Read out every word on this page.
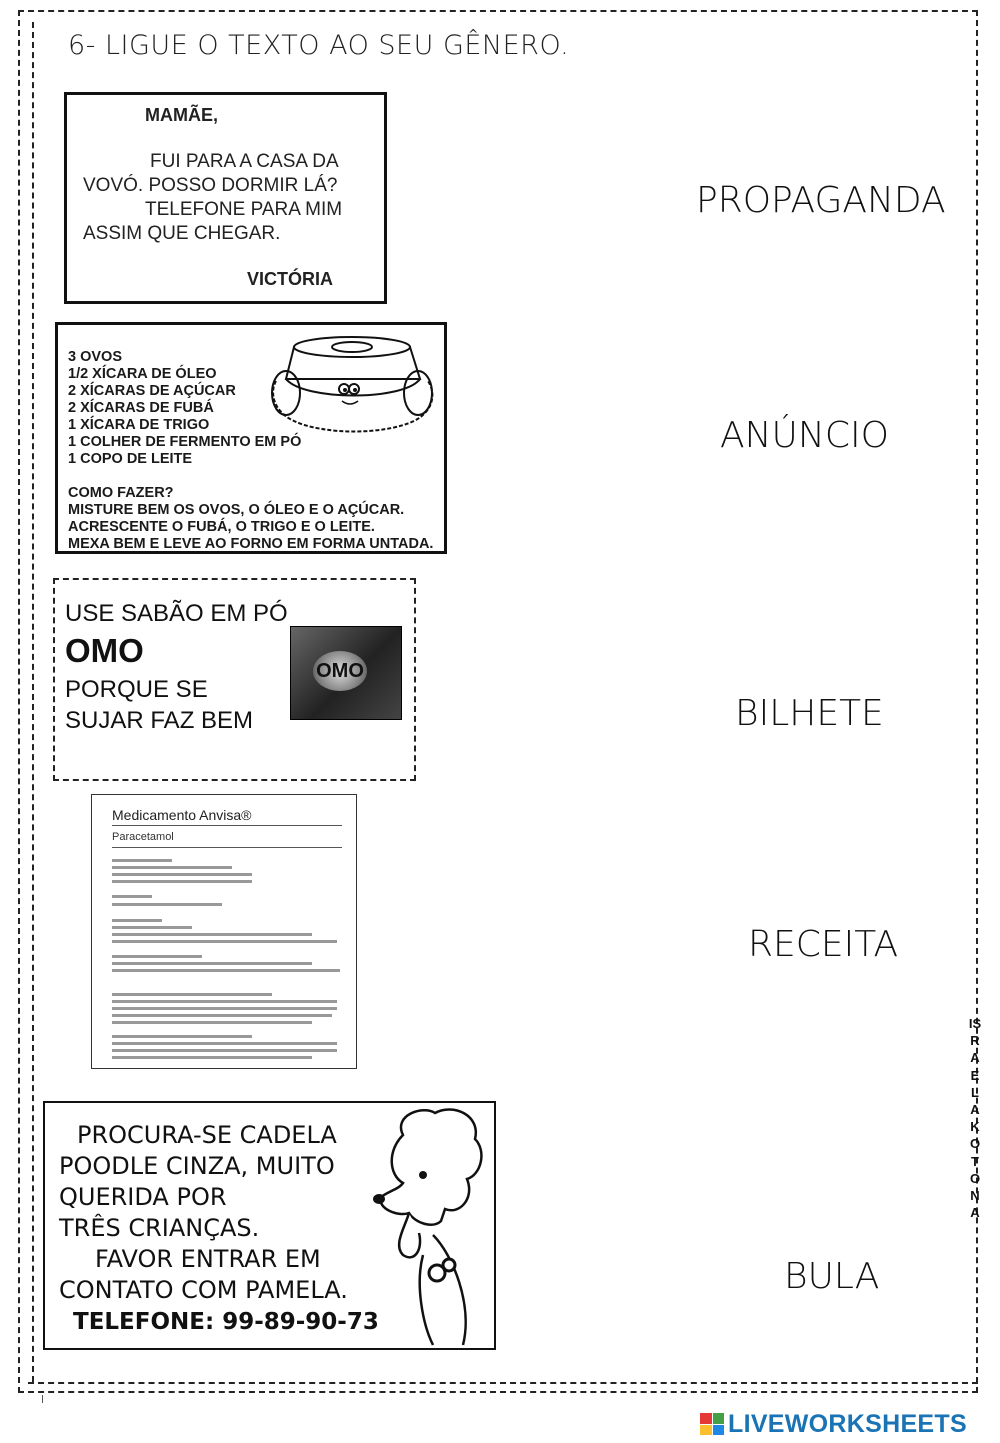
6- LIGUE O TEXTO AO SEU GÊNERO.
MAMÃE,
FUI PARA A CASA DA
VOVÓ. POSSO DORMIR LÁ?
TELEFONE PARA MIM
ASSIM QUE CHEGAR.
VICTÓRIA
3 OVOS
1/2 XÍCARA DE ÓLEO
2 XÍCARAS DE AÇÚCAR
2 XÍCARAS DE FUBÁ
1 XÍCARA DE TRIGO
1 COLHER DE FERMENTO EM PÓ
1 COPO DE LEITE
COMO FAZER?
MISTURE BEM OS OVOS, O ÓLEO E O AÇÚCAR.
ACRESCENTE O FUBÁ, O TRIGO E O LEITE.
MEXA BEM E LEVE AO FORNO EM FORMA UNTADA.
USE SABÃO EM PÓ
OMO
PORQUE SE
SUJAR FAZ BEM
OMO
Medicamento Anvisa®
Paracetamol
PROCURA-SE CADELA
POODLE CINZA, MUITO
QUERIDA POR
TRÊS CRIANÇAS.
FAVOR ENTRAR EM
CONTATO COM PAMELA.
TELEFONE: 99-89-90-73
PROPAGANDA
ANÚNCIO
BILHETE
RECEITA
BULA
ISRAELA KOTONA
LIVEWORKSHEETS
